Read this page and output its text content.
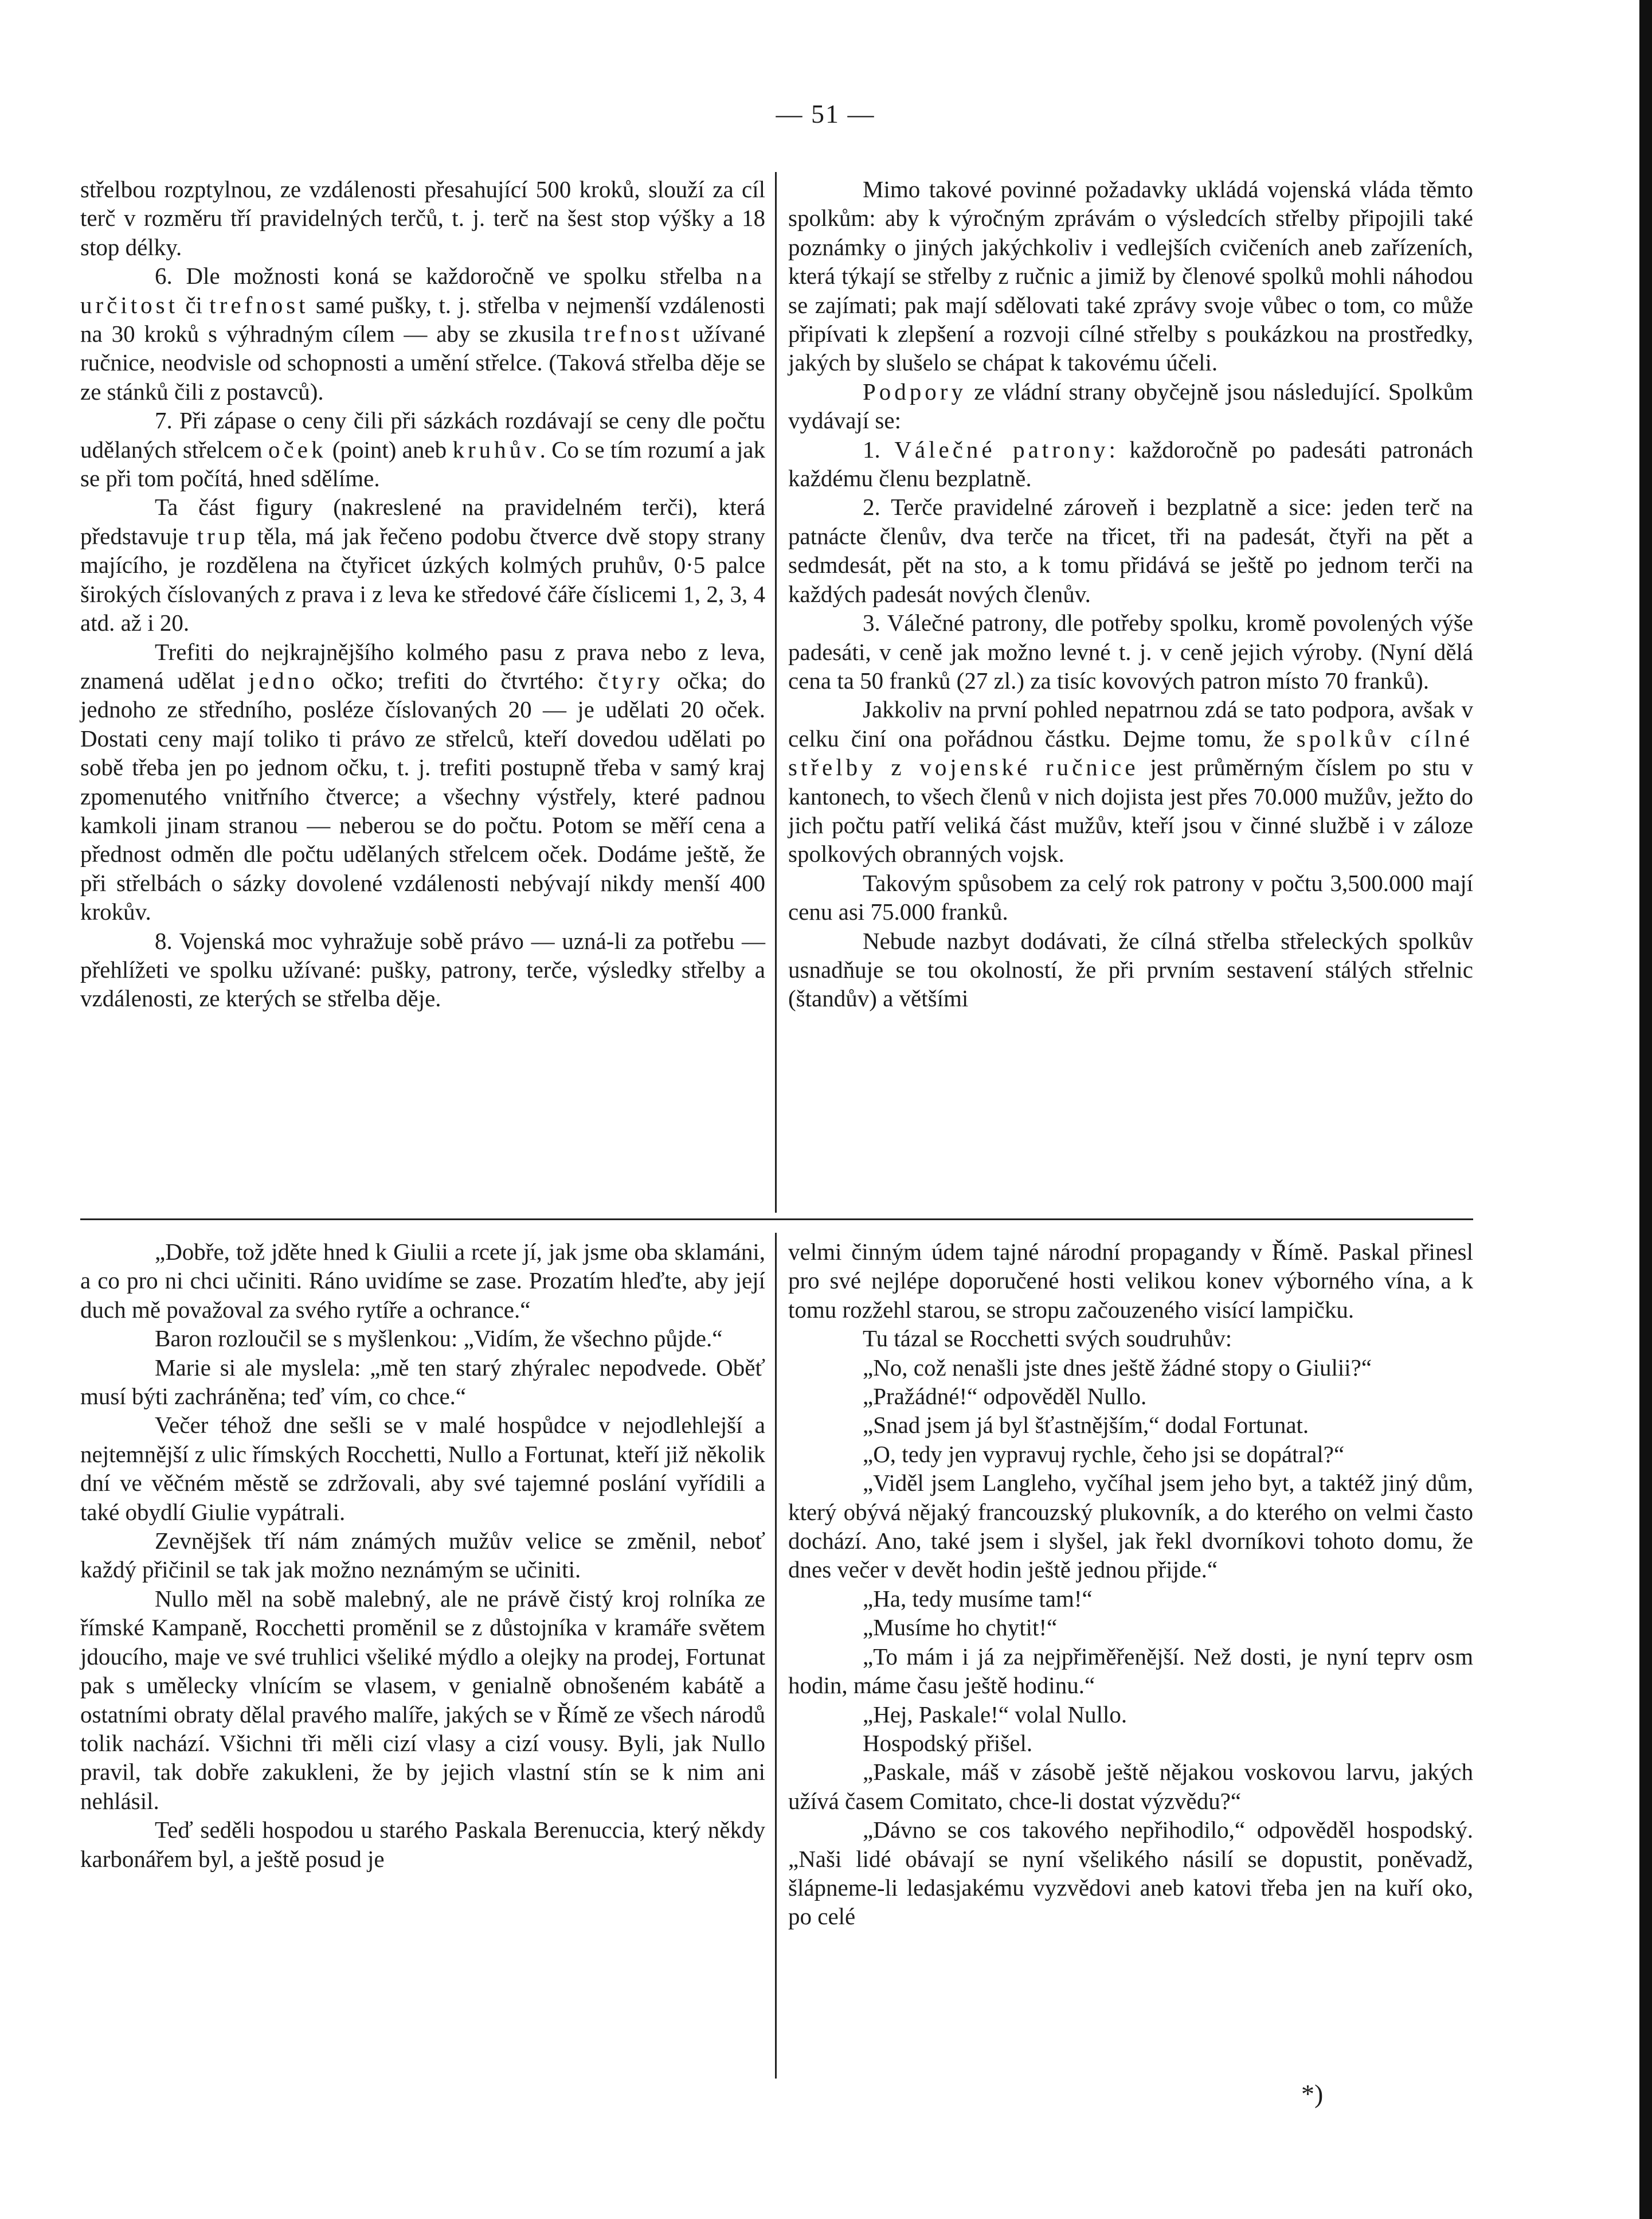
— 51 —

střelbou rozptylnou, ze vzdálenosti přesahující 500 kroků, slouží za cíl terč v rozměru tří pravidelných terčů, t. j. terč na šest stop výšky a 18 stop délky.

6. Dle možnosti koná se každoročně ve spolku střelba na určitost či trefnost samé pušky, t. j. střelba v nejmenší vzdálenosti na 30 kroků s výhradným cílem — aby se zkusila trefnost užívané ručnice, neodvisle od schopnosti a umění střelce. (Taková střelba děje se ze stánků čili z postavců).

7. Při zápase o ceny čili při sázkách rozdávají se ceny dle počtu udělaných střelcem oček (point) aneb kruhův. Co se tím rozumí a jak se při tom počítá, hned sdělíme.

Ta část figury (nakreslené na pravidelném terči), která představuje trup těla, má jak řečeno podobu čtverce dvě stopy strany majícího, je rozdělena na čtyřicet úzkých kolmých pruhův, 0·5 palce širokých číslovaných z prava i z leva ke středové čáře číslicemi 1, 2, 3, 4 atd. až i 20.

Trefiti do nejkrajnějšího kolmého pasu z prava nebo z leva, znamená udělat jedno očko; trefiti do čtvrtého: čtyry očka; do jednoho ze středního, posléze číslovaných 20 — je udělati 20 oček. Dostati ceny mají toliko ti právo ze střelců, kteří dovedou udělati po sobě třeba jen po jednom očku, t. j. trefiti postupně třeba v samý kraj zpomenutého vnitřního čtverce; a všechny výstřely, které padnou kamkoli jinam stranou — neberou se do počtu. Potom se měří cena a přednost odměn dle počtu udělaných střelcem oček. Dodáme ještě, že při střelbách o sázky dovolené vzdálenosti nebývají nikdy menší 400 krokův.

8. Vojenská moc vyhražuje sobě právo — uzná-li za potřebu — přehlížeti ve spolku užívané: pušky, patrony, terče, výsledky střelby a vzdálenosti, ze kterých se střelba děje.

Mimo takové povinné požadavky ukládá vojenská vláda těmto spolkům: aby k výročným zprávám o výsledcích střelby připojili také poznámky o jiných jakýchkoliv i vedlejších cvičeních aneb zařízeních, která týkají se střelby z ručnic a jimiž by členové spolků mohli náhodou se zajímati; pak mají sdělovati také zprávy svoje vůbec o tom, co může připívati k zlepšení a rozvoji cílné střelby s poukázkou na prostředky, jakých by slušelo se chápat k takovému účeli.

Podpory ze vládní strany obyčejně jsou následující. Spolkům vydávají se:

1. Válečné patrony: každoročně po padesáti patronách každému členu bezplatně.

2. Terče pravidelné zároveň i bezplatně a sice: jeden terč na patnácte členův, dva terče na třicet, tři na padesát, čtyři na pět a sedmdesát, pět na sto, a k tomu přidává se ještě po jednom terči na každých padesát nových členův.

3. Válečné patrony, dle potřeby spolku, kromě povolených výše padesáti, v ceně jak možno levné t. j. v ceně jejich výroby. (Nyní dělá cena ta 50 franků (27 zl.) za tisíc kovových patron místo 70 franků).

Jakkoliv na první pohled nepatrnou zdá se tato podpora, avšak v celku činí ona pořádnou částku. Dejme tomu, že spolkův cílné střelby z vojenské ručnice jest průměrným číslem po stu v kantonech, to všech členů v nich dojista jest přes 70.000 mužův, ježto do jich počtu patří veliká část mužův, kteří jsou v činné službě i v záloze spolkových obranných vojsk.

Takovým spůsobem za celý rok patrony v počtu 3,500.000 mají cenu asi 75.000 franků.

Nebude nazbyt dodávati, že cílná střelba střeleckých spolkův usnadňuje se tou okolností, že při prvním sestavení stálých střelnic (štandův) a většími

„Dobře, tož jděte hned k Giulii a rcete jí, jak jsme oba sklamáni, a co pro ni chci učiniti. Ráno uvidíme se zase. Prozatím hleďte, aby její duch mě považoval za svého rytíře a ochrance.“

Baron rozloučil se s myšlenkou: „Vidím, že všechno půjde.“

Marie si ale myslela: „mě ten starý zhýralec nepodvede. Oběť musí býti zachráněna; teď vím, co chce.“

Večer téhož dne sešli se v malé hospůdce v nejodlehlejší a nejtemnější z ulic římských Rocchetti, Nullo a Fortunat, kteří již několik dní ve věčném městě se zdržovali, aby své tajemné poslání vyřídili a také obydlí Giulie vypátrali.

Zevnějšek tří nám známých mužův velice se změnil, neboť každý přičinil se tak jak možno neznámým se učiniti.

Nullo měl na sobě malebný, ale ne právě čistý kroj rolníka ze římské Kampaně, Rocchetti proměnil se z důstojníka v kramáře světem jdoucího, maje ve své truhlici všeliké mýdlo a olejky na prodej, Fortunat pak s umělecky vlnícím se vlasem, v genialně obnošeném kabátě a ostatními obraty dělal pravého malíře, jakých se v Římě ze všech národů tolik nachází. Všichni tři měli cizí vlasy a cizí vousy. Byli, jak Nullo pravil, tak dobře zakukleni, že by jejich vlastní stín se k nim ani nehlásil.

Teď seděli hospodou u starého Paskala Berenuccia, který někdy karbonářem byl, a ještě posud je

velmi činným údem tajné národní propagandy v Římě. Paskal přinesl pro své nejlépe doporučené hosti velikou konev výborného vína, a k tomu rozžehl starou, se stropu začouzeného visící lampičku.

Tu tázal se Rocchetti svých soudruhův:

„No, což nenašli jste dnes ještě žádné stopy o Giulii?“

„Pražádné!“ odpověděl Nullo.

„Snad jsem já byl šťastnějším,“ dodal Fortunat.

„O, tedy jen vypravuj rychle, čeho jsi se dopátral?“

„Viděl jsem Langleho, vyčíhal jsem jeho byt, a taktéž jiný dům, který obývá nějaký francouzský plukovník, a do kterého on velmi často dochází. Ano, také jsem i slyšel, jak řekl dvorníkovi tohoto domu, že dnes večer v devět hodin ještě jednou přijde.“

„Ha, tedy musíme tam!“

„Musíme ho chytit!“

„To mám i já za nejpřiměřenější. Než dosti, je nyní teprv osm hodin, máme času ještě hodinu.“

„Hej, Paskale!“ volal Nullo.

Hospodský přišel.

„Paskale, máš v zásobě ještě nějakou voskovou larvu, jakých užívá časem Comitato, chce-li dostat výzvědu?“

„Dávno se cos takového nepřihodilo,“ odpověděl hospodský. „Naši lidé obávají se nyní všelikého násilí se dopustit, poněvadž, šlápneme-li ledasjakému vyzvědovi aneb katovi třeba jen na kuří oko, po celé

*)
